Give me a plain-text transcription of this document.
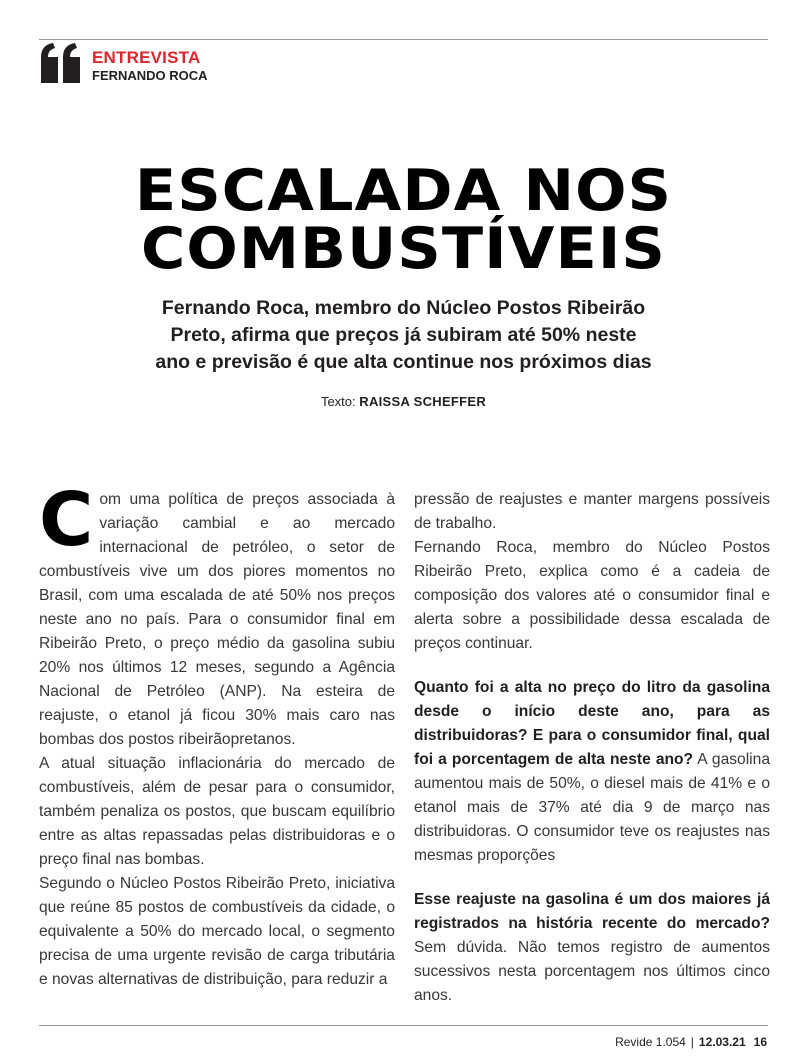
ENTREVISTA
FERNANDO ROCA
ESCALADA NOS
COMBUSTÍVEIS
Fernando Roca, membro do Núcleo Postos Ribeirão
Preto, afirma que preços já subiram até 50% neste
ano e previsão é que alta continue nos próximos dias
Texto: RAISSA SCHEFFER

Com uma política de preços associada à variação cambial e ao mercado internacional de petróleo, o setor de combustíveis vive um dos piores momentos no Brasil, com uma escalada de até 50% nos preços neste ano no país. Para o consumidor final em Ribeirão Preto, o preço médio da gasolina subiu 20% nos últimos 12 meses, segundo a Agência Nacional de Petróleo (ANP). Na esteira de reajuste, o etanol já ficou 30% mais caro nas bombas dos postos ribeirãopretanos.

A atual situação inflacionária do mercado de combustíveis, além de pesar para o consumidor, também penaliza os postos, que buscam equilíbrio entre as altas repassadas pelas distribuidoras e o preço final nas bombas.

Segundo o Núcleo Postos Ribeirão Preto, iniciativa que reúne 85 postos de combustíveis da cidade, o equivalente a 50% do mercado local, o segmento precisa de uma urgente revisão de carga tributária e novas alternativas de distribuição, para reduzir a

pressão de reajustes e manter margens possíveis de trabalho.

Fernando Roca, membro do Núcleo Postos Ribeirão Preto, explica como é a cadeia de composição dos valores até o consumidor final e alerta sobre a possibilidade dessa escalada de preços continuar.

Quanto foi a alta no preço do litro da gasolina desde o início deste ano, para as distribuidoras? E para o consumidor final, qual foi a porcentagem de alta neste ano? A gasolina aumentou mais de 50%, o diesel mais de 41% e o etanol mais de 37% até dia 9 de março nas distribuidoras. O consumidor teve os reajustes nas mesmas proporções

Esse reajuste na gasolina é um dos maiores já registrados na história recente do mercado? Sem dúvida. Não temos registro de aumentos sucessivos nesta porcentagem nos últimos cinco anos.

Revide 1.054 | 12.03.21 16
